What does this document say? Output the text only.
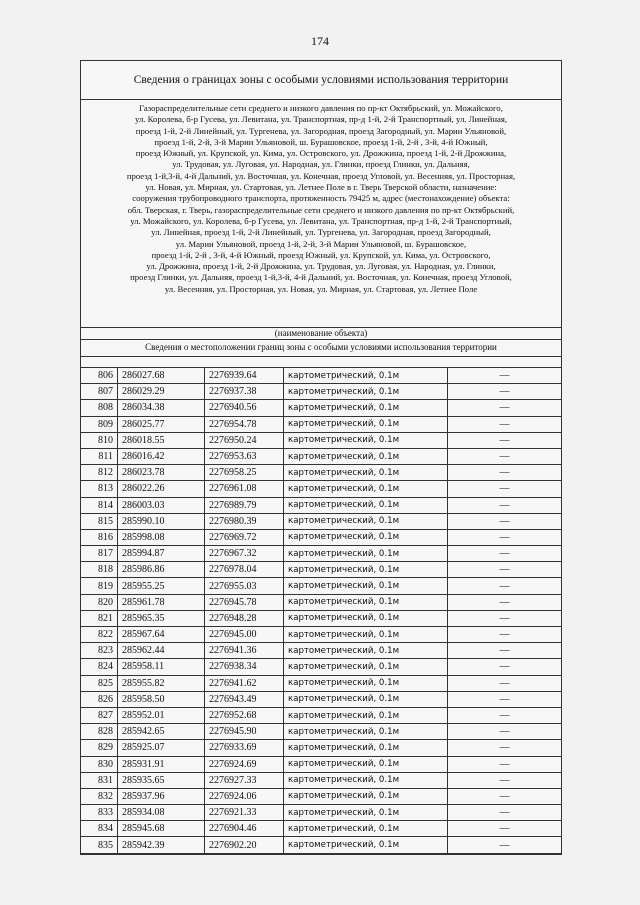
174
Сведения о границах зоны с особыми условиями использования территории
Газораспределительные сети среднего и низкого давления по пр-кт Октябрьский, ул. Можайского,
ул. Королева, б-р Гусева, ул. Левитана, ул. Транспортная, пр-д 1-й, 2-й Транспортный, ул. Линейная,
проезд 1-й, 2-й Линейный, ул. Тургенева, ул. Загородная, проезд Загородный, ул. Марии Ульяновой,
проезд 1-й, 2-й, 3-й Марии Ульяновой, ш. Бурашовское, проезд 1-й, 2-й , 3-й, 4-й Южный,
проезд Южный, ул. Крупской, ул. Кима, ул. Островского, ул. Дрожжина, проезд 1-й, 2-й Дрожжина,
ул. Трудовая, ул. Луговая, ул. Народная, ул. Глинки, проезд Глинки, ул. Дальняя,
проезд 1-й,3-й, 4-й Дальний, ул. Восточная, ул. Конечная, проезд Угловой, ул. Весенняя, ул. Просторная,
ул. Новая, ул. Мирная, ул. Стартовая, ул. Летнее Поле в г. Тверь Тверской области, назначение:
сооружения трубопроводного транспорта, протяженность 79425 м, адрес (местонахождение) объекта:
обл. Тверская, г. Тверь, газораспределительные сети среднего и низкого давления по пр-кт Октябрьский,
ул. Можайского, ул. Королева, б-р Гусева, ул. Левитана, ул. Транспортная, пр-д 1-й, 2-й Транспортный,
ул. Линейная, проезд 1-й, 2-й Линейный, ул. Тургенева, ул. Загородная, проезд Загородный,
ул. Марии Ульяновой, проезд 1-й, 2-й, 3-й Марии Ульяновой, ш. Бурашовское,
проезд 1-й, 2-й , 3-й, 4-й Южный, проезд Южный, ул. Крупской, ул. Кима, ул. Островского,
ул. Дрожжина, проезд 1-й, 2-й Дрожжина, ул. Трудовая, ул. Луговая, ул. Народная, ул. Глинки,
проезд Глинки, ул. Дальняя, проезд 1-й,3-й, 4-й Дальний, ул. Восточная, ул. Конечная, проезд Угловой,
ул. Весенняя, ул. Просторная, ул. Новая, ул. Мирная, ул. Стартовая, ул. Летнее Поле
(наименование объекта)
Сведения о местоположении границ зоны с особыми условиями использования территории
806	286027.68	2276939.64	картометрический, 0.1м	—
807	286029.29	2276937.38	картометрический, 0.1м	—
808	286034.38	2276940.56	картометрический, 0.1м	—
809	286025.77	2276954.78	картометрический, 0.1м	—
810	286018.55	2276950.24	картометрический, 0.1м	—
811	286016.42	2276953.63	картометрический, 0.1м	—
812	286023.78	2276958.25	картометрический, 0.1м	—
813	286022.26	2276961.08	картометрический, 0.1м	—
814	286003.03	2276989.79	картометрический, 0.1м	—
815	285990.10	2276980.39	картометрический, 0.1м	—
816	285998.08	2276969.72	картометрический, 0.1м	—
817	285994.87	2276967.32	картометрический, 0.1м	—
818	285986.86	2276978.04	картометрический, 0.1м	—
819	285955.25	2276955.03	картометрический, 0.1м	—
820	285961.78	2276945.78	картометрический, 0.1м	—
821	285965.35	2276948.28	картометрический, 0.1м	—
822	285967.64	2276945.00	картометрический, 0.1м	—
823	285962.44	2276941.36	картометрический, 0.1м	—
824	285958.11	2276938.34	картометрический, 0.1м	—
825	285955.82	2276941.62	картометрический, 0.1м	—
826	285958.50	2276943.49	картометрический, 0.1м	—
827	285952.01	2276952.68	картометрический, 0.1м	—
828	285942.65	2276945.90	картометрический, 0.1м	—
829	285925.07	2276933.69	картометрический, 0.1м	—
830	285931.91	2276924.69	картометрический, 0.1м	—
831	285935.65	2276927.33	картометрический, 0.1м	—
832	285937.96	2276924.06	картометрический, 0.1м	—
833	285934.08	2276921.33	картометрический, 0.1м	—
834	285945.68	2276904.46	картометрический, 0.1м	—
835	285942.39	2276902.20	картометрический, 0.1м	—
